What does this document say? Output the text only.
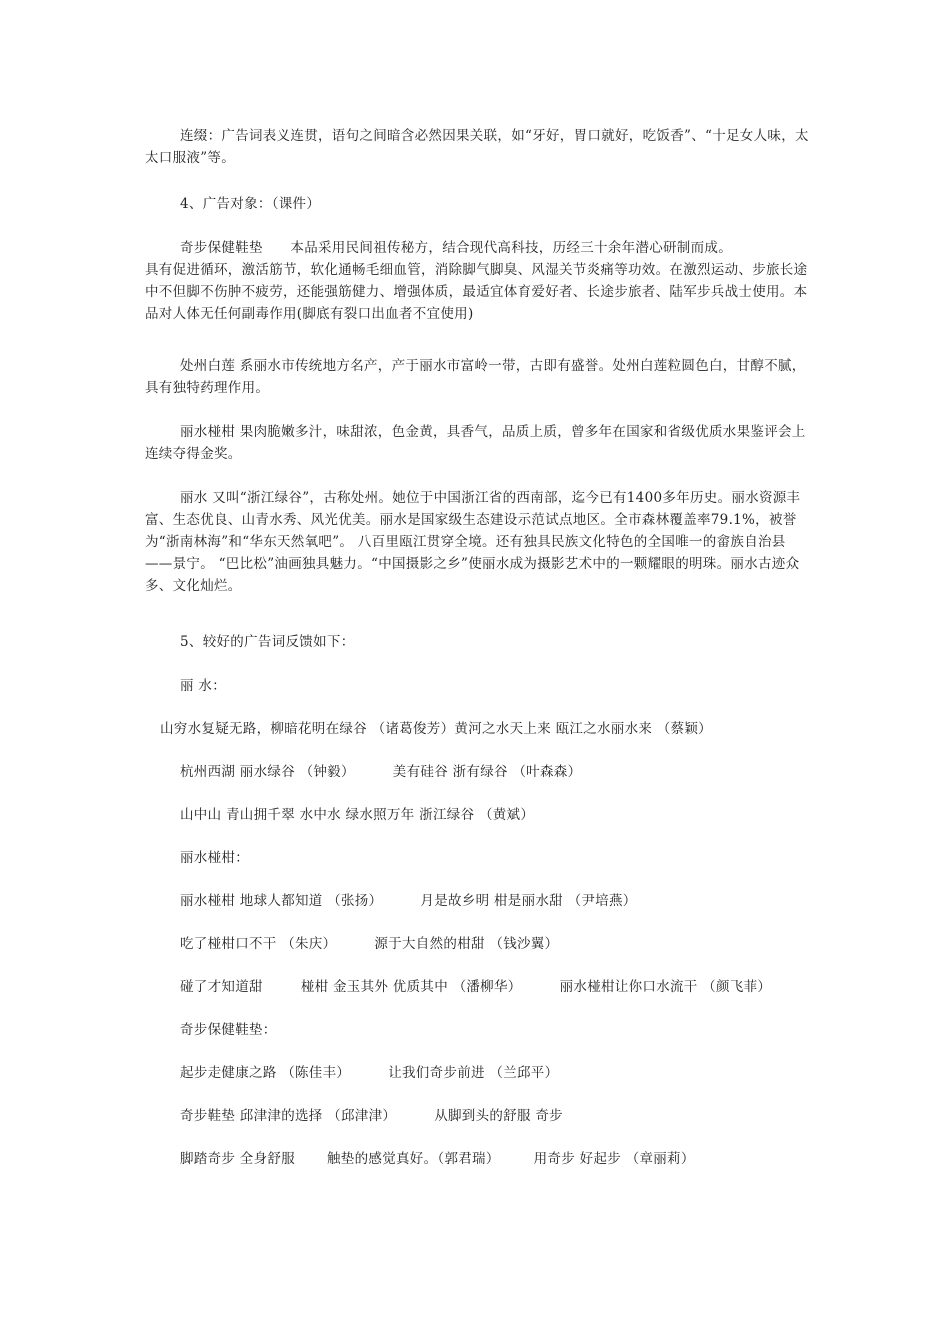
连缀：广告词表义连贯，语句之间暗含必然因果关联，如“牙好，胃口就好，吃饭香”、“十足女人味，太太口服液”等。

4、广告对象：（课件）

奇步保健鞋垫　　本品采用民间祖传秘方，结合现代高科技，历经三十余年潜心研制而成。

具有促进循环，激活筋节，软化通畅毛细血管，消除脚气脚臭、风湿关节炎痛等功效。在激烈运动、步旅长途中不但脚不伤肿不疲劳，还能强筋健力、增强体质，最适宜体育爱好者、长途步旅者、陆军步兵战士使用。本品对人体无任何副毒作用(脚底有裂口出血者不宜使用)

处州白莲 系丽水市传统地方名产，产于丽水市富岭一带，古即有盛誉。处州白莲粒圆色白，甘醇不腻，具有独特药理作用。

丽水椪柑 果肉脆嫩多汁，味甜浓，色金黄，具香气，品质上质，曾多年在国家和省级优质水果鉴评会上连续夺得金奖。

丽水 又叫“浙江绿谷”，古称处州。她位于中国浙江省的西南部，迄今已有1400多年历史。丽水资源丰富、生态优良、山青水秀、风光优美。丽水是国家级生态建设示范试点地区。全市森林覆盖率79.1%，被誉为“浙南林海”和“华东天然氧吧”。 八百里瓯江贯穿全境。还有独具民族文化特色的全国唯一的畲族自治县——景宁。 “巴比松”油画独具魅力。“中国摄影之乡”使丽水成为摄影艺术中的一颗耀眼的明珠。丽水古迹众多、文化灿烂。

5、较好的广告词反馈如下：

丽 水：

山穷水复疑无路，柳暗花明在绿谷 （诸葛俊芳）黄河之水天上来 瓯江之水丽水来 （蔡颖）

杭州西湖 丽水绿谷 （钟毅）	美有硅谷 浙有绿谷 （叶森森）

山中山 青山拥千翠 水中水 绿水照万年 浙江绿谷 （黄斌）

丽水椪柑：

丽水椪柑 地球人都知道 （张扬）	月是故乡明 柑是丽水甜 （尹培燕）

吃了椪柑口不干 （朱庆）	源于大自然的柑甜 （钱沙翼）

碰了才知道甜	椪柑 金玉其外 优质其中 （潘柳华）	丽水椪柑让你口水流干 （颜飞菲）

奇步保健鞋垫：

起步走健康之路 （陈佳丰）	让我们奇步前进 （兰邱平）

奇步鞋垫 邱津津的选择 （邱津津）	从脚到头的舒服 奇步

脚踏奇步 全身舒服 触垫的感觉真好。（郭君瑞）	用奇步 好起步 （章丽莉）
